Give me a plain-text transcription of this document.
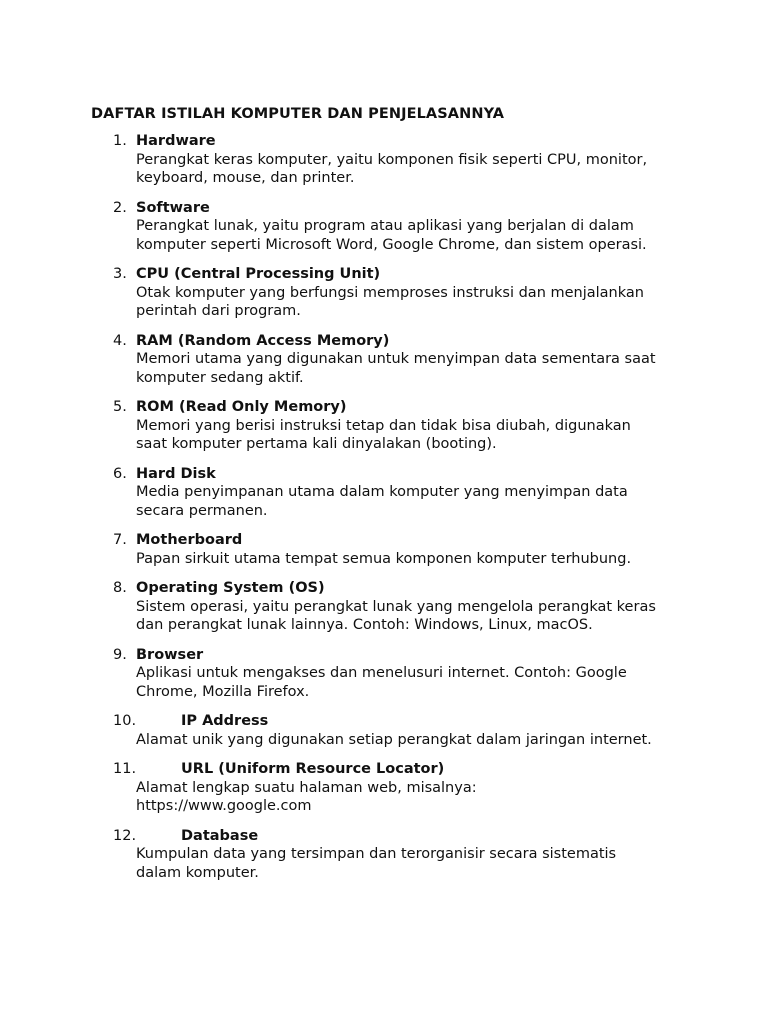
DAFTAR ISTILAH KOMPUTER DAN PENJELASANNYA
1. Hardware
Perangkat keras komputer, yaitu komponen fisik seperti CPU, monitor,
keyboard, mouse, dan printer.
2. Software
Perangkat lunak, yaitu program atau aplikasi yang berjalan di dalam
komputer seperti Microsoft Word, Google Chrome, dan sistem operasi.
3. CPU (Central Processing Unit)
Otak komputer yang berfungsi memproses instruksi dan menjalankan
perintah dari program.
4. RAM (Random Access Memory)
Memori utama yang digunakan untuk menyimpan data sementara saat
komputer sedang aktif.
5. ROM (Read Only Memory)
Memori yang berisi instruksi tetap dan tidak bisa diubah, digunakan
saat komputer pertama kali dinyalakan (booting).
6. Hard Disk
Media penyimpanan utama dalam komputer yang menyimpan data
secara permanen.
7. Motherboard
Papan sirkuit utama tempat semua komponen komputer terhubung.
8. Operating System (OS)
Sistem operasi, yaitu perangkat lunak yang mengelola perangkat keras
dan perangkat lunak lainnya. Contoh: Windows, Linux, macOS.
9. Browser
Aplikasi untuk mengakses dan menelusuri internet. Contoh: Google
Chrome, Mozilla Firefox.
10.	IP Address
Alamat unik yang digunakan setiap perangkat dalam jaringan internet.
11.	URL (Uniform Resource Locator)
Alamat lengkap suatu halaman web, misalnya:
https://www.google.com
12.	Database
Kumpulan data yang tersimpan dan terorganisir secara sistematis
dalam komputer.
